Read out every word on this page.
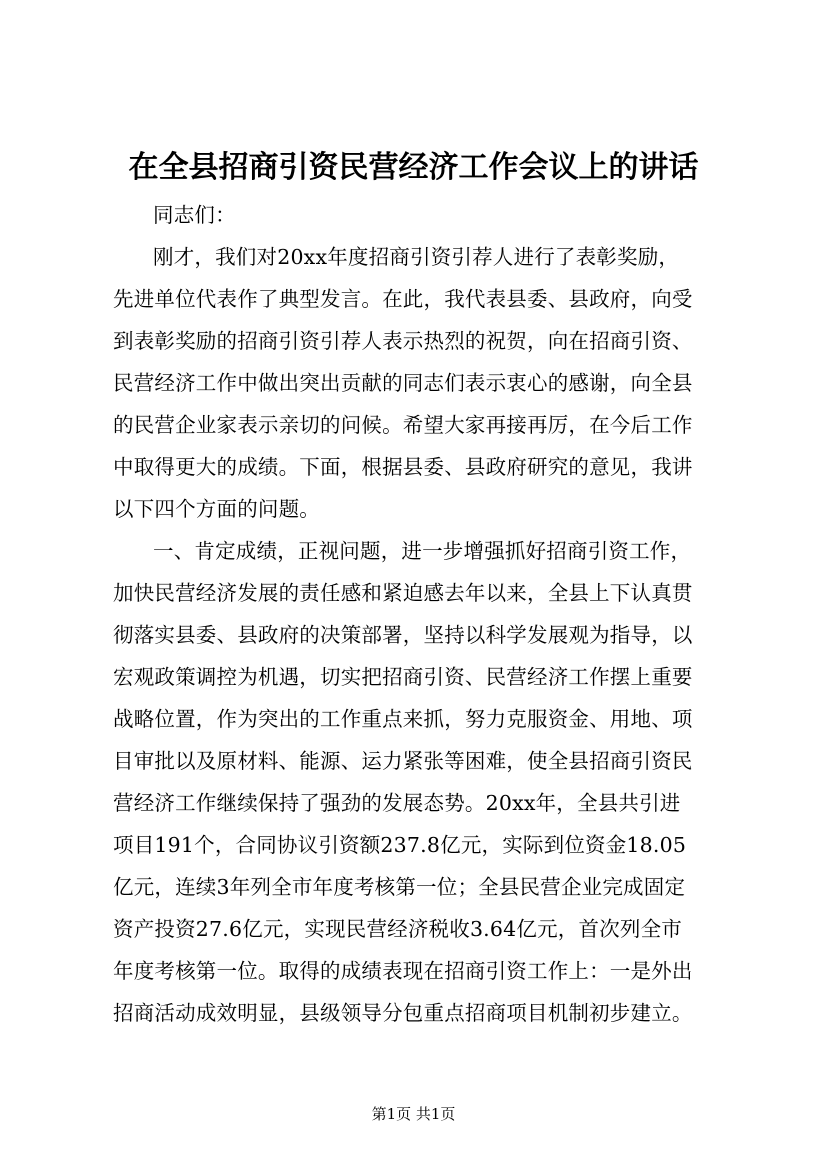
在全县招商引资民营经济工作会议上的讲话
同志们：
刚才，我们对20xx年度招商引资引荐人进行了表彰奖励，
先进单位代表作了典型发言。在此，我代表县委、县政府，向受
到表彰奖励的招商引资引荐人表示热烈的祝贺，向在招商引资、
民营经济工作中做出突出贡献的同志们表示衷心的感谢，向全县
的民营企业家表示亲切的问候。希望大家再接再厉，在今后工作
中取得更大的成绩。下面，根据县委、县政府研究的意见，我讲
以下四个方面的问题。
一、肯定成绩，正视问题，进一步增强抓好招商引资工作，
加快民营经济发展的责任感和紧迫感去年以来，全县上下认真贯
彻落实县委、县政府的决策部署，坚持以科学发展观为指导，以
宏观政策调控为机遇，切实把招商引资、民营经济工作摆上重要
战略位置，作为突出的工作重点来抓，努力克服资金、用地、项
目审批以及原材料、能源、运力紧张等困难，使全县招商引资民
营经济工作继续保持了强劲的发展态势。20xx年，全县共引进
项目191个，合同协议引资额237.8亿元，实际到位资金18.05
亿元，连续3年列全市年度考核第一位；全县民营企业完成固定
资产投资27.6亿元，实现民营经济税收3.64亿元，首次列全市
年度考核第一位。取得的成绩表现在招商引资工作上：一是外出
招商活动成效明显，县级领导分包重点招商项目机制初步建立。
第1页 共1页
